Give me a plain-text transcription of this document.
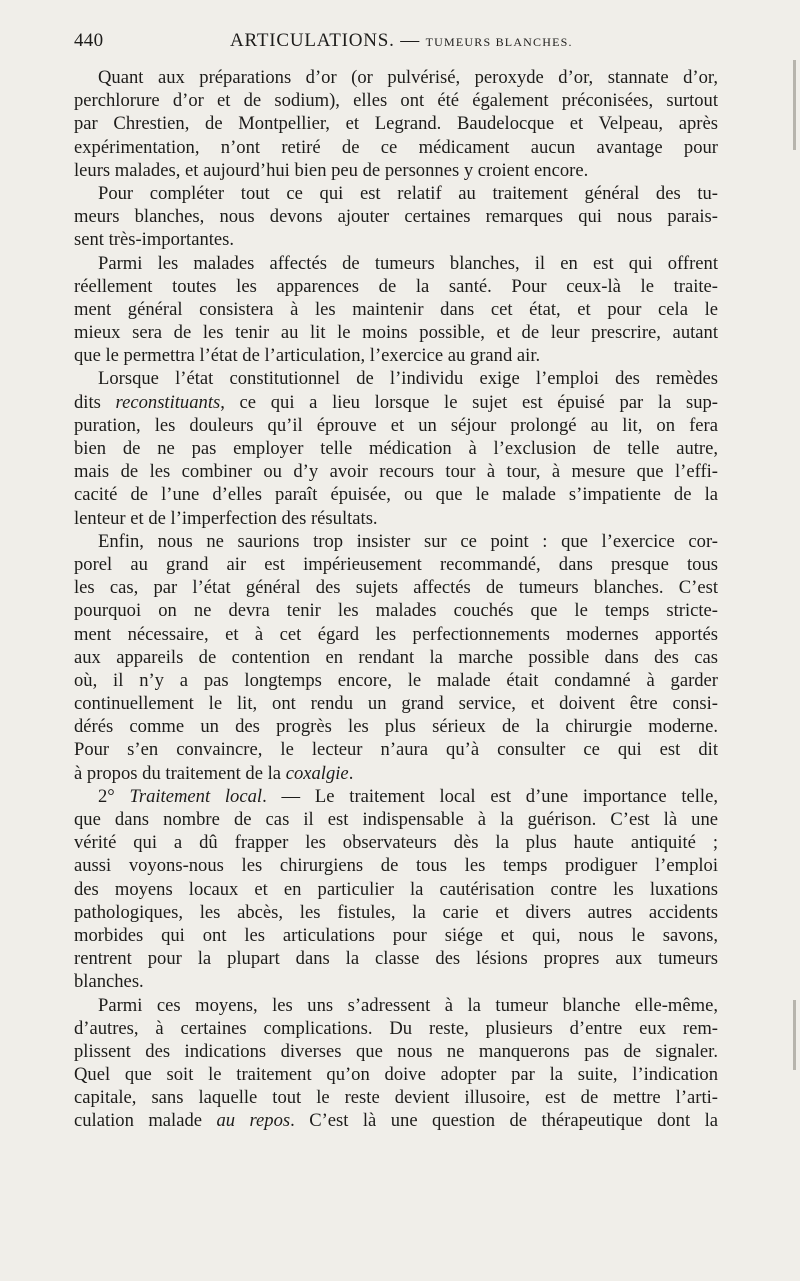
440	ARTICULATIONS. — TUMEURS BLANCHES.
Quant aux préparations d’or (or pulvérisé, peroxyde d’or, stannate d’or,
perchlorure d’or et de sodium), elles ont été également préconisées, surtout
par Chrestien, de Montpellier, et Legrand. Baudelocque et Velpeau, après
expérimentation, n’ont retiré de ce médicament aucun avantage pour
leurs malades, et aujourd’hui bien peu de personnes y croient encore.
Pour compléter tout ce qui est relatif au traitement général des tu-
meurs blanches, nous devons ajouter certaines remarques qui nous parais-
sent très-importantes.
Parmi les malades affectés de tumeurs blanches, il en est qui offrent
réellement toutes les apparences de la santé. Pour ceux-là le traite-
ment général consistera à les maintenir dans cet état, et pour cela le
mieux sera de les tenir au lit le moins possible, et de leur prescrire, autant
que le permettra l’état de l’articulation, l’exercice au grand air.
Lorsque l’état constitutionnel de l’individu exige l’emploi des remèdes
dits reconstituants, ce qui a lieu lorsque le sujet est épuisé par la sup-
puration, les douleurs qu’il éprouve et un séjour prolongé au lit, on fera
bien de ne pas employer telle médication à l’exclusion de telle autre,
mais de les combiner ou d’y avoir recours tour à tour, à mesure que l’effi-
cacité de l’une d’elles paraît épuisée, ou que le malade s’impatiente de la
lenteur et de l’imperfection des résultats.
Enfin, nous ne saurions trop insister sur ce point : que l’exercice cor-
porel au grand air est impérieusement recommandé, dans presque tous
les cas, par l’état général des sujets affectés de tumeurs blanches. C’est
pourquoi on ne devra tenir les malades couchés que le temps stricte-
ment nécessaire, et à cet égard les perfectionnements modernes apportés
aux appareils de contention en rendant la marche possible dans des cas
où, il n’y a pas longtemps encore, le malade était condamné à garder
continuellement le lit, ont rendu un grand service, et doivent être consi-
dérés comme un des progrès les plus sérieux de la chirurgie moderne.
Pour s’en convaincre, le lecteur n’aura qu’à consulter ce qui est dit
à propos du traitement de la coxalgie.
2° Traitement local. — Le traitement local est d’une importance telle,
que dans nombre de cas il est indispensable à la guérison. C’est là une
vérité qui a dû frapper les observateurs dès la plus haute antiquité ;
aussi voyons-nous les chirurgiens de tous les temps prodiguer l’emploi
des moyens locaux et en particulier la cautérisation contre les luxations
pathologiques, les abcès, les fistules, la carie et divers autres accidents
morbides qui ont les articulations pour siége et qui, nous le savons,
rentrent pour la plupart dans la classe des lésions propres aux tumeurs
blanches.
Parmi ces moyens, les uns s’adressent à la tumeur blanche elle-même,
d’autres, à certaines complications. Du reste, plusieurs d’entre eux rem-
plissent des indications diverses que nous ne manquerons pas de signaler.
Quel que soit le traitement qu’on doive adopter par la suite, l’indication
capitale, sans laquelle tout le reste devient illusoire, est de mettre l’arti-
culation malade au repos. C’est là une question de thérapeutique dont la
